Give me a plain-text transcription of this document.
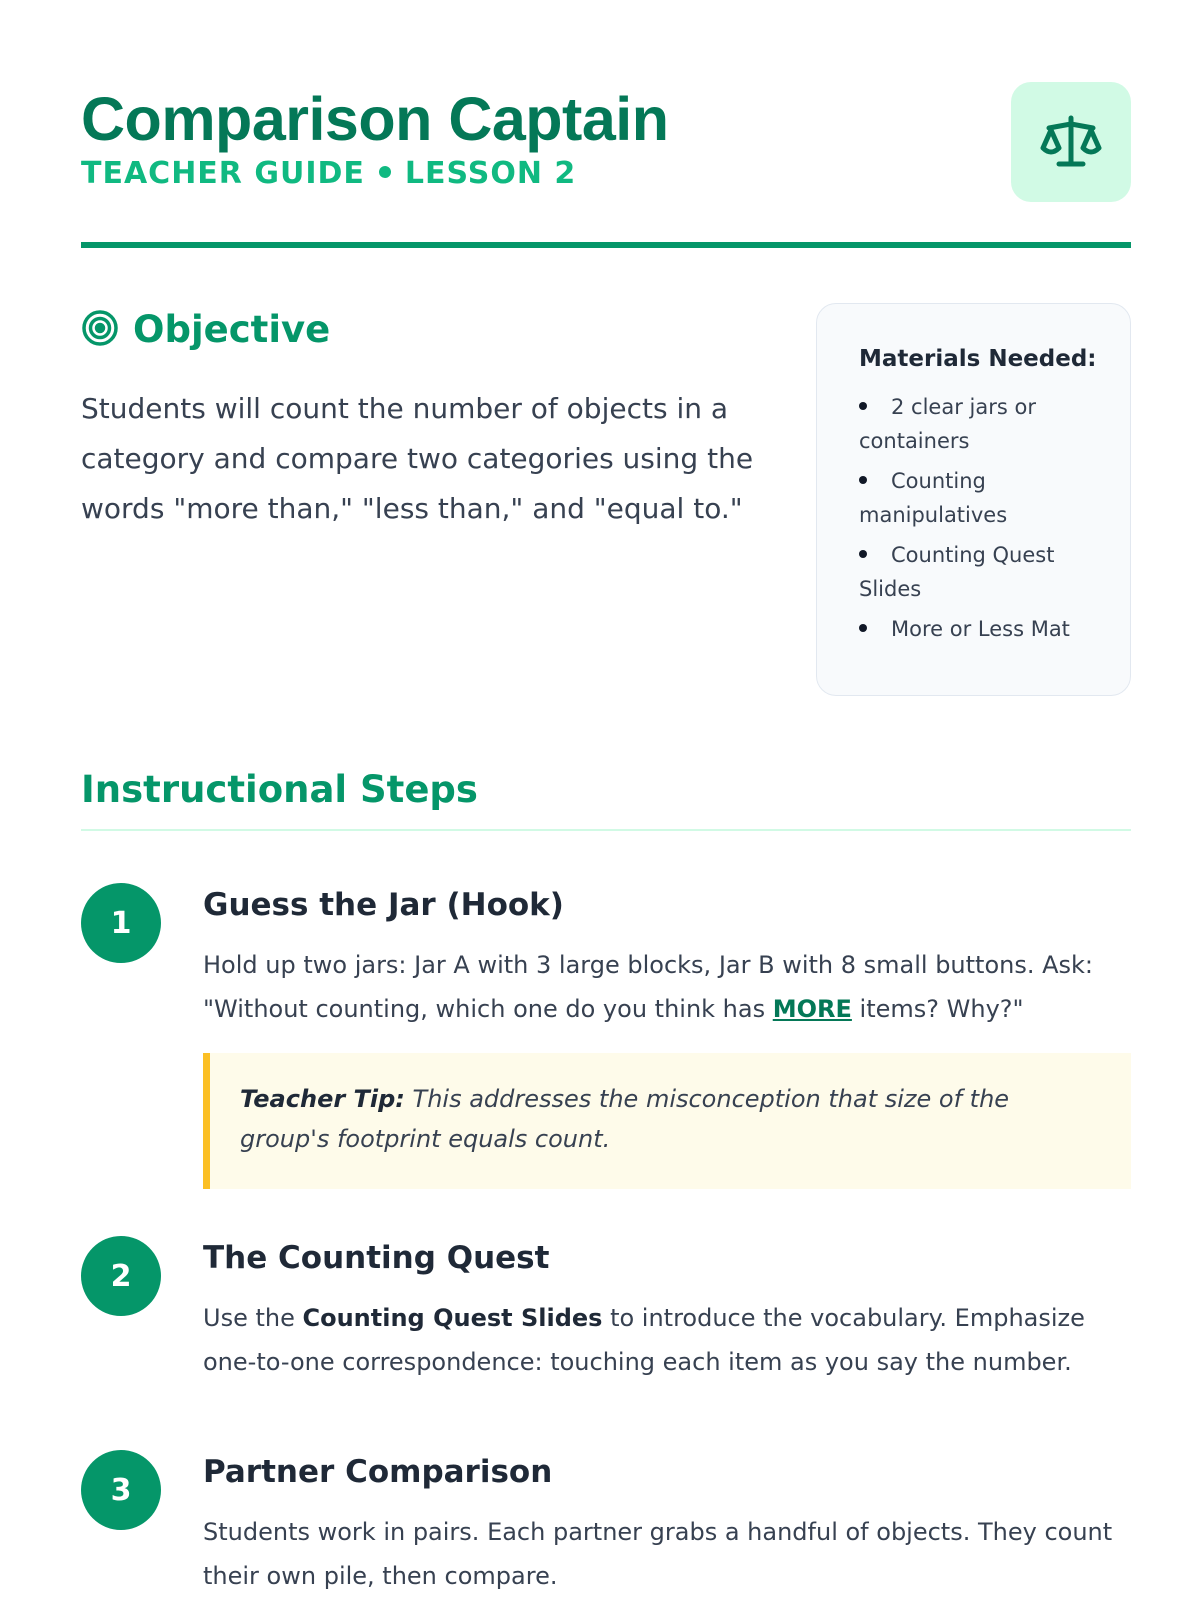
Comparison Captain
TEACHER GUIDE LESSON 2
Objective

Students will count the number of objects in a category and compare two categories using the words "more than," "less than," and "equal to."

Materials Needed:
2 clear jars or containers
Counting manipulatives
Counting Quest Slides
More or Less Mat
Instructional Steps
1	Guess the Jar (Hook)

Hold up two jars: Jar A with 3 large blocks, Jar B with 8 small buttons. Ask: "Without counting, which one do you think has MORE items? Why?"

Teacher Tip: This addresses the misconception that size of the group's footprint equals count.
2	The Counting Quest

Use the Counting Quest Slides to introduce the vocabulary. Emphasize one-to-one correspondence: touching each item as you say the number.

3	Partner Comparison

Students work in pairs. Each partner grabs a handful of objects. They count their own pile, then compare.
